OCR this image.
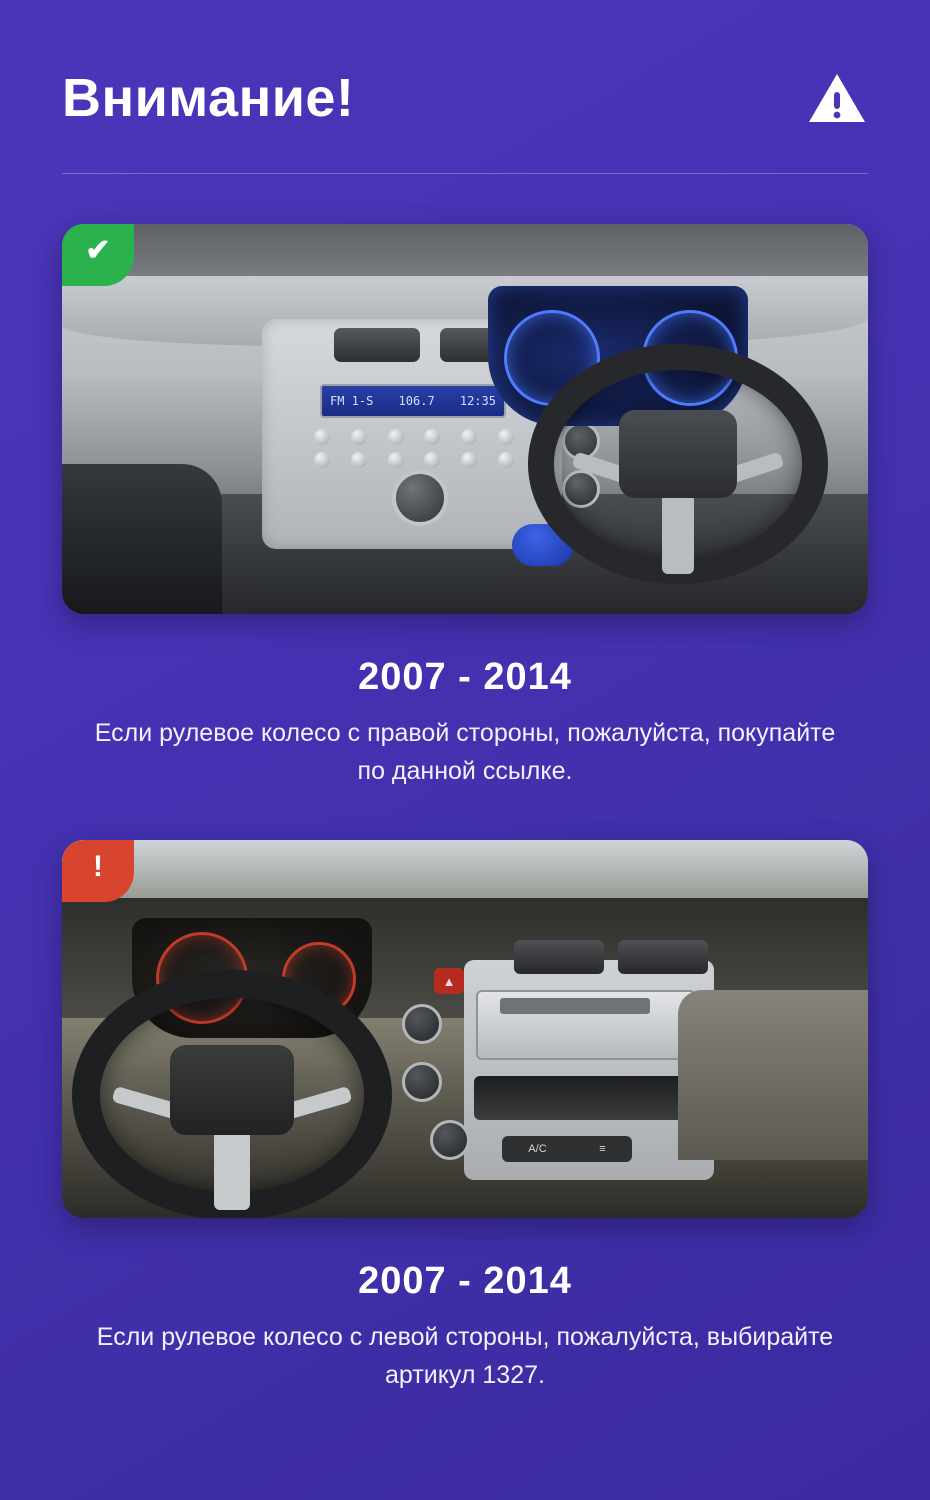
Внимание!
FM 1-S 106.7 12:35
✔
2007 - 2014
Если рулевое колесо с правой стороны, пожалуйста, покупайте по данной ссылке.
▲
A/C	≡
!
2007 - 2014
Если рулевое колесо с левой стороны, пожалуйста, выбирайте артикул 1327.
